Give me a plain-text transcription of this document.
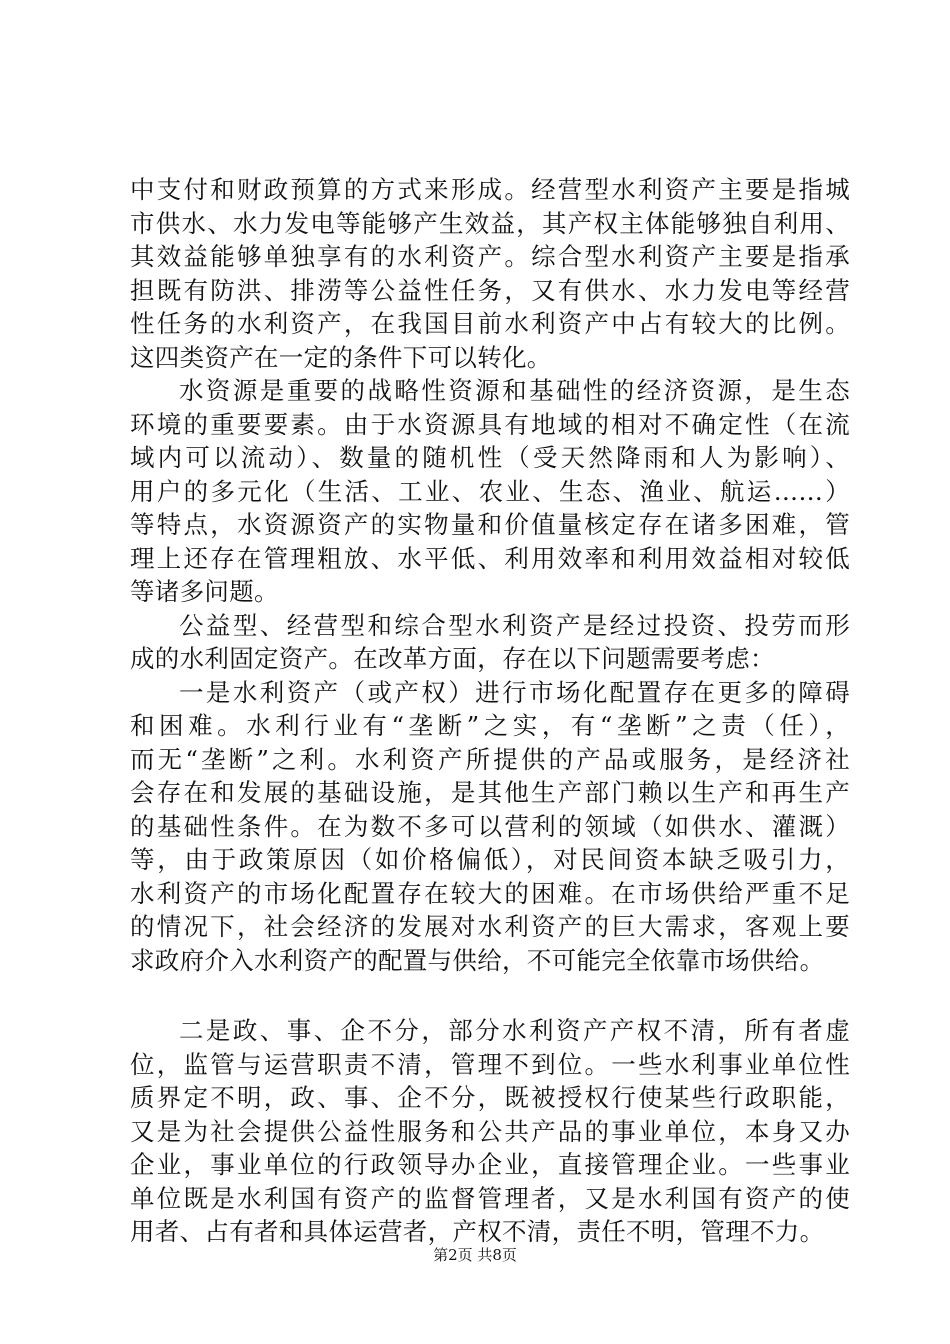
中支付和财政预算的方式来形成。经营型水利资产主要是指城
市供水、水力发电等能够产生效益，其产权主体能够独自利用、
其效益能够单独享有的水利资产。综合型水利资产主要是指承
担既有防洪、排涝等公益性任务，又有供水、水力发电等经营
性任务的水利资产，在我国目前水利资产中占有较大的比例。
这四类资产在一定的条件下可以转化。
水资源是重要的战略性资源和基础性的经济资源，是生态
环境的重要要素。由于水资源具有地域的相对不确定性（在流
域内可以流动）、数量的随机性（受天然降雨和人为影响）、
用户的多元化（生活、工业、农业、生态、渔业、航运……）
等特点，水资源资产的实物量和价值量核定存在诸多困难，管
理上还存在管理粗放、水平低、利用效率和利用效益相对较低
等诸多问题。
公益型、经营型和综合型水利资产是经过投资、投劳而形
成的水利固定资产。在改革方面，存在以下问题需要考虑：
一是水利资产（或产权）进行市场化配置存在更多的障碍
和困难。水利行业有“垄断”之实，有“垄断”之责（任），
而无“垄断”之利。水利资产所提供的产品或服务，是经济社
会存在和发展的基础设施，是其他生产部门赖以生产和再生产
的基础性条件。在为数不多可以营利的领域（如供水、灌溉）
等，由于政策原因（如价格偏低），对民间资本缺乏吸引力，
水利资产的市场化配置存在较大的困难。在市场供给严重不足
的情况下，社会经济的发展对水利资产的巨大需求，客观上要
求政府介入水利资产的配置与供给，不可能完全依靠市场供给。
二是政、事、企不分，部分水利资产产权不清，所有者虚
位，监管与运营职责不清，管理不到位。一些水利事业单位性
质界定不明，政、事、企不分，既被授权行使某些行政职能，
又是为社会提供公益性服务和公共产品的事业单位，本身又办
企业，事业单位的行政领导办企业，直接管理企业。一些事业
单位既是水利国有资产的监督管理者，又是水利国有资产的使
用者、占有者和具体运营者，产权不清，责任不明，管理不力。
第2页 共8页
